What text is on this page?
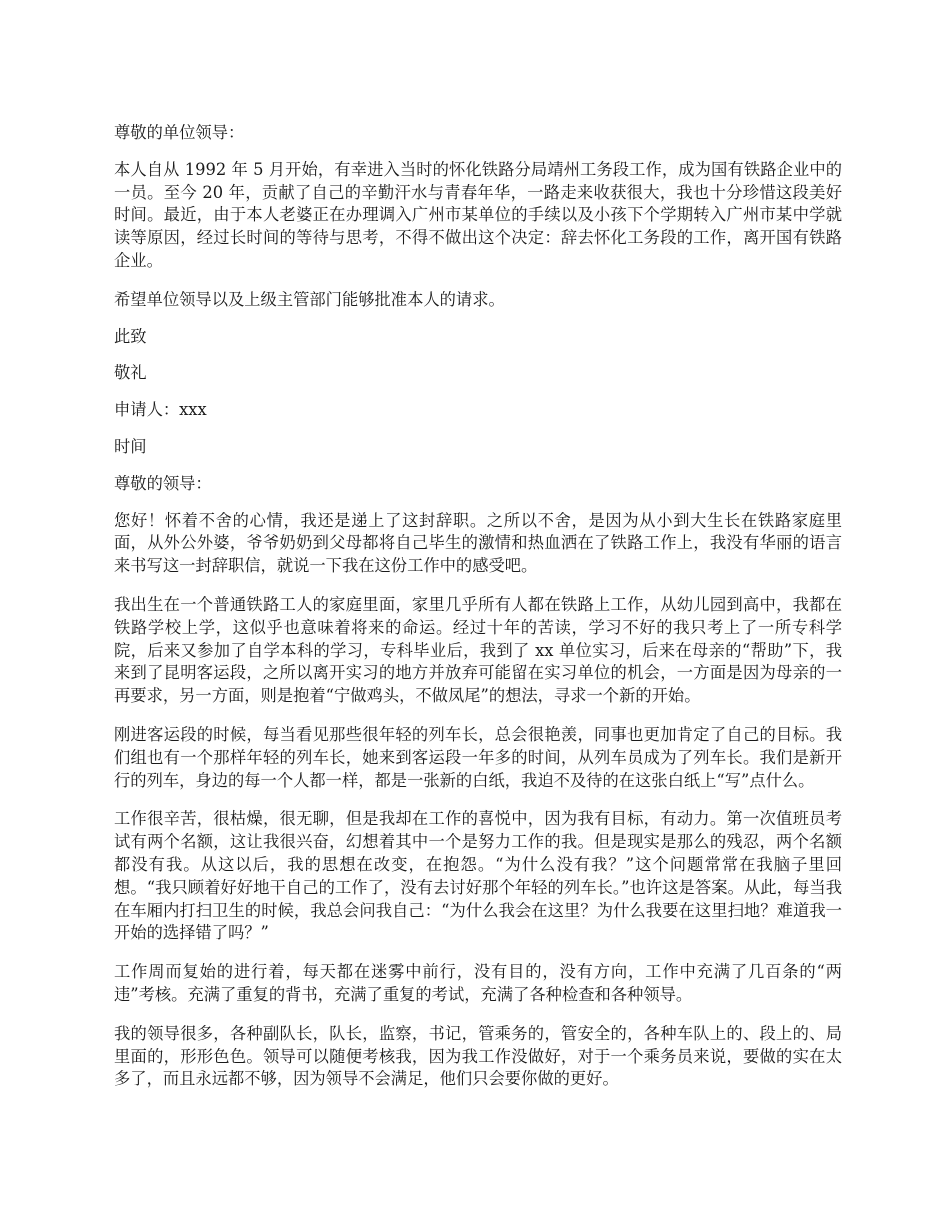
尊敬的单位领导：

本人自从 1992 年 5 月开始，有幸进入当时的怀化铁路分局靖州工务段工作，成为国有铁路企业中的一员。至今 20 年，贡献了自己的辛勤汗水与青春年华，一路走来收获很大，我也十分珍惜这段美好时间。最近，由于本人老婆正在办理调入广州市某单位的手续以及小孩下个学期转入广州市某中学就读等原因，经过长时间的等待与思考，不得不做出这个决定：辞去怀化工务段的工作，离开国有铁路企业。

希望单位领导以及上级主管部门能够批准本人的请求。

此致

敬礼

申请人：xxx

时间

尊敬的领导：

您好！怀着不舍的心情，我还是递上了这封辞职。之所以不舍，是因为从小到大生长在铁路家庭里面，从外公外婆，爷爷奶奶到父母都将自己毕生的激情和热血洒在了铁路工作上，我没有华丽的语言来书写这一封辞职信，就说一下我在这份工作中的感受吧。

我出生在一个普通铁路工人的家庭里面，家里几乎所有人都在铁路上工作，从幼儿园到高中，我都在铁路学校上学，这似乎也意味着将来的命运。经过十年的苦读，学习不好的我只考上了一所专科学院，后来又参加了自学本科的学习，专科毕业后，我到了 xx 单位实习，后来在母亲的“帮助”下，我来到了昆明客运段，之所以离开实习的地方并放弃可能留在实习单位的机会，一方面是因为母亲的一再要求，另一方面，则是抱着“宁做鸡头，不做凤尾”的想法，寻求一个新的开始。

刚进客运段的时候，每当看见那些很年轻的列车长，总会很艳羡，同事也更加肯定了自己的目标。我们组也有一个那样年轻的列车长，她来到客运段一年多的时间，从列车员成为了列车长。我们是新开行的列车，身边的每一个人都一样，都是一张新的白纸，我迫不及待的在这张白纸上“写”点什么。

工作很辛苦，很枯燥，很无聊，但是我却在工作的喜悦中，因为我有目标，有动力。第一次值班员考试有两个名额，这让我很兴奋，幻想着其中一个是努力工作的我。但是现实是那么的残忍，两个名额都没有我。从这以后，我的思想在改变，在抱怨。“为什么没有我？”这个问题常常在我脑子里回想。“我只顾着好好地干自己的工作了，没有去讨好那个年轻的列车长。”也许这是答案。从此，每当我在车厢内打扫卫生的时候，我总会问我自己：“为什么我会在这里？为什么我要在这里扫地？难道我一开始的选择错了吗？”

工作周而复始的进行着，每天都在迷雾中前行，没有目的，没有方向，工作中充满了几百条的“两违”考核。充满了重复的背书，充满了重复的考试，充满了各种检查和各种领导。

我的领导很多，各种副队长，队长，监察，书记，管乘务的，管安全的，各种车队上的、段上的、局里面的，形形色色。领导可以随便考核我，因为我工作没做好，对于一个乘务员来说，要做的实在太多了，而且永远都不够，因为领导不会满足，他们只会要你做的更好。
